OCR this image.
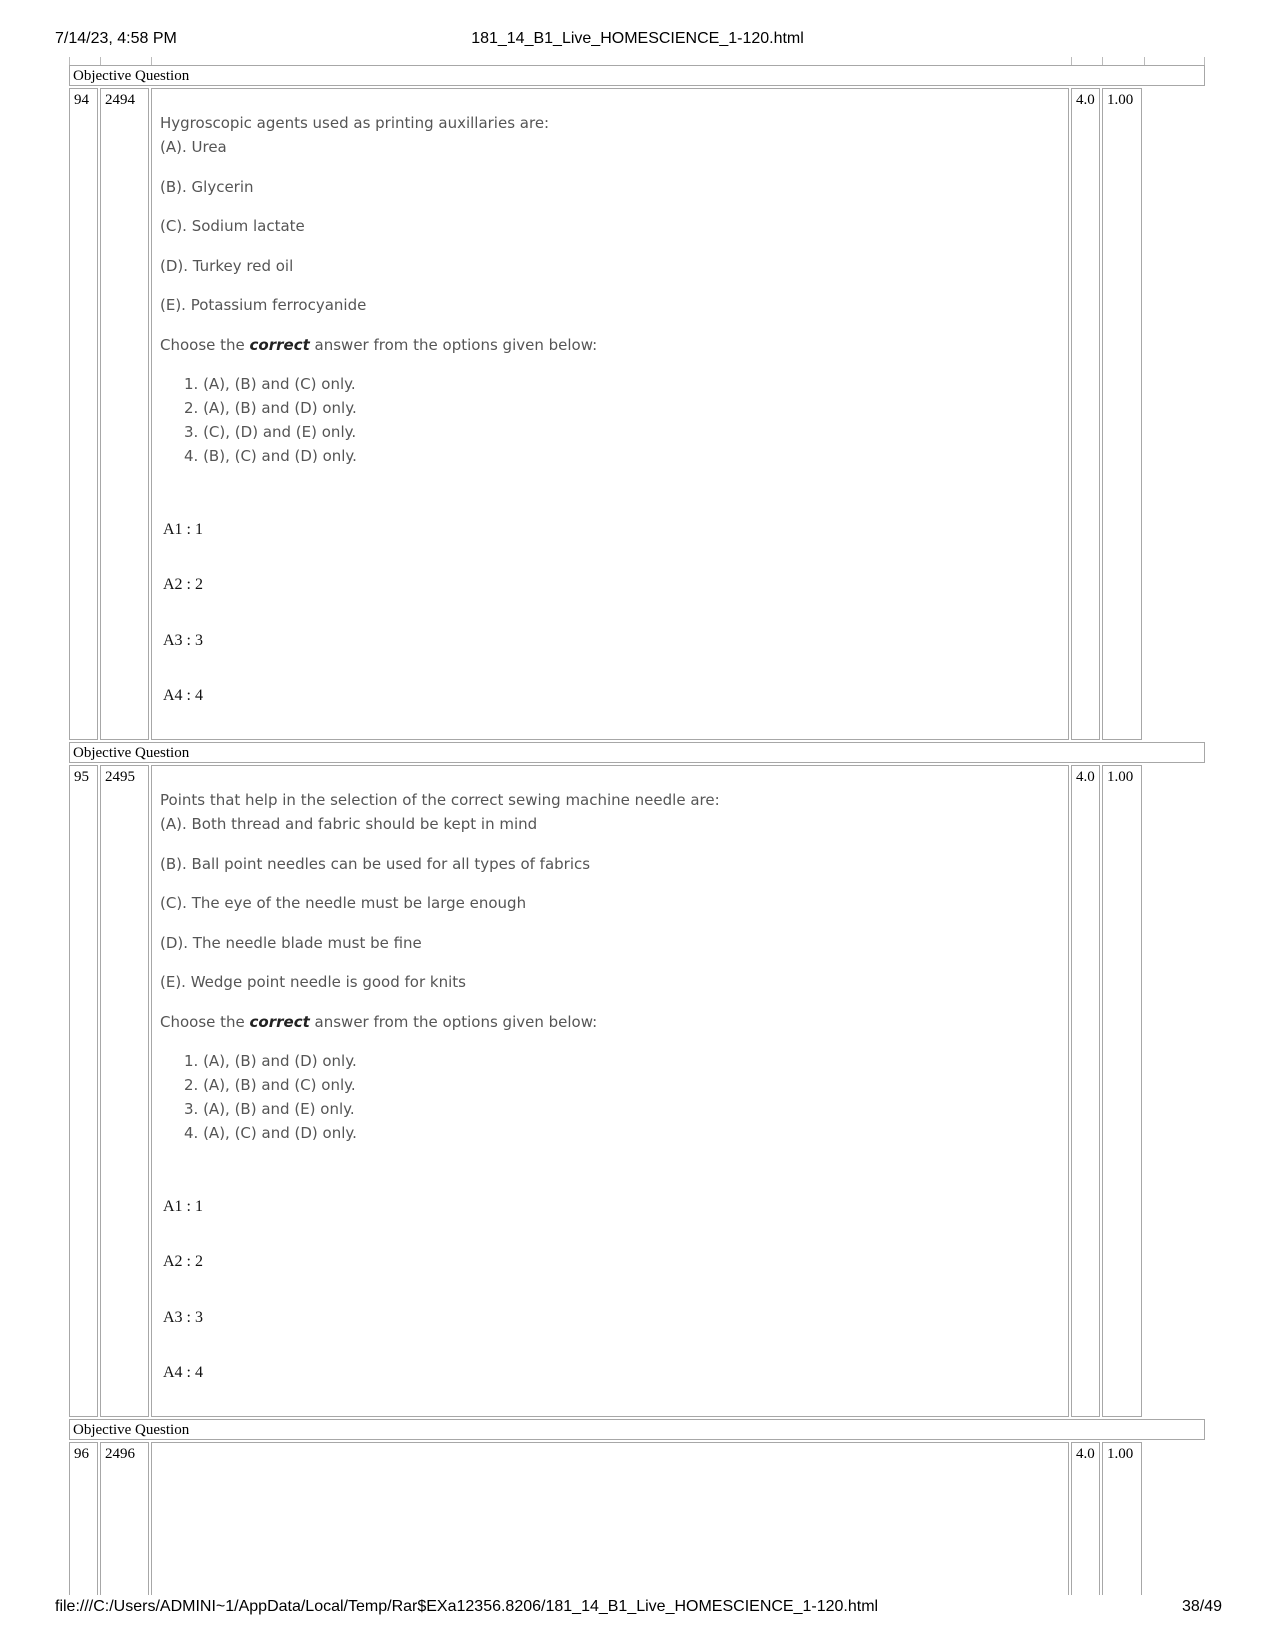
7/14/23, 4:58 PM	181_14_B1_Live_HOMESCIENCE_1-120.html
Objective Question
94	2494
Hygroscopic agents used as printing auxillaries are:
(A). Urea
(B). Glycerin
(C). Sodium lactate
(D). Turkey red oil
(E). Potassium ferrocyanide
Choose the correct answer from the options given below:
1. (A), (B) and (C) only.
2. (A), (B) and (D) only.
3. (C), (D) and (E) only.
4. (B), (C) and (D) only.
A1 : 1
A2 : 2
A3 : 3
A4 : 4
4.0 1.00
Objective Question
95	2495
Points that help in the selection of the correct sewing machine needle are:
(A). Both thread and fabric should be kept in mind
(B). Ball point needles can be used for all types of fabrics
(C). The eye of the needle must be large enough
(D). The needle blade must be fine
(E). Wedge point needle is good for knits
Choose the correct answer from the options given below:
1. (A), (B) and (D) only.
2. (A), (B) and (C) only.
3. (A), (B) and (E) only.
4. (A), (C) and (D) only.
A1 : 1
A2 : 2
A3 : 3
A4 : 4
4.0 1.00
Objective Question
96	2496	4.0 1.00
file:///C:/Users/ADMINI~1/AppData/Local/Temp/Rar$EXa12356.8206/181_14_B1_Live_HOMESCIENCE_1-120.html	38/49
